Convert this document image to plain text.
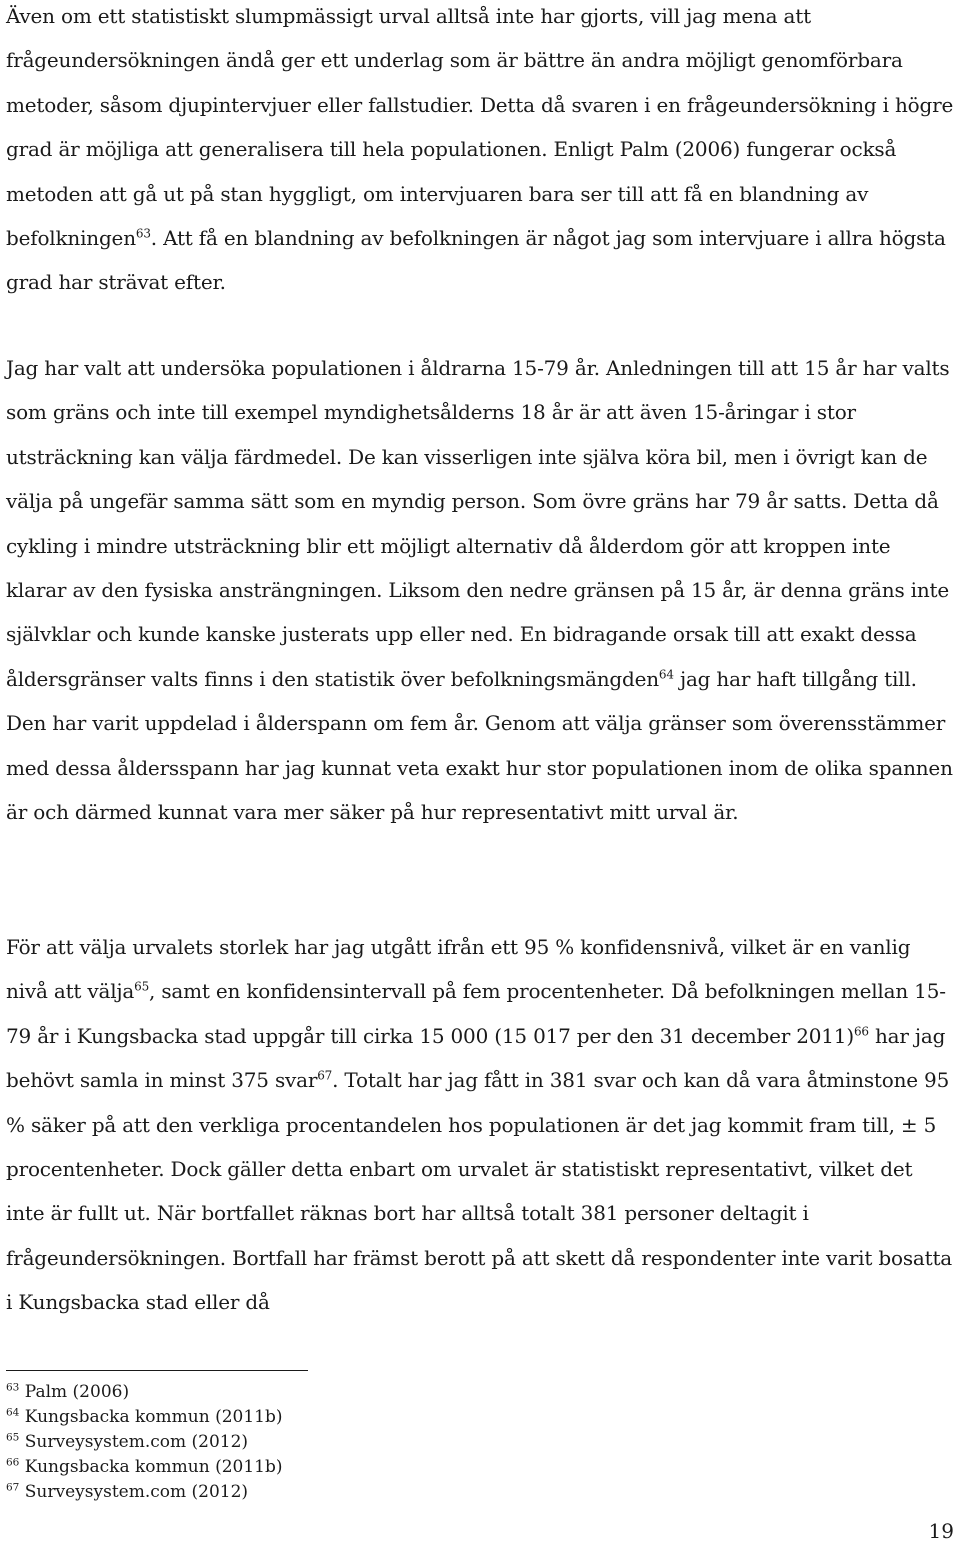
Även om ett statistiskt slumpmässigt urval alltså inte har gjorts, vill jag mena att frågeundersökningen ändå ger ett underlag som är bättre än andra möjligt genomförbara metoder, såsom djupintervjuer eller fallstudier. Detta då svaren i en frågeundersökning i högre grad är möjliga att generalisera till hela populationen. Enligt Palm (2006) fungerar också metoden att gå ut på stan hyggligt, om intervjuaren bara ser till att få en blandning av befolkningen$^{63}$. Att få en blandning av befolkningen är något jag som intervjuare i allra högsta grad har strävat efter.

Jag har valt att undersöka populationen i åldrarna 15-79 år. Anledningen till att 15 år har valts som gräns och inte till exempel myndighetsålderns 18 år är att även 15-åringar i stor utsträckning kan välja färdmedel. De kan visserligen inte själva köra bil, men i övrigt kan de välja på ungefär samma sätt som en myndig person. Som övre gräns har 79 år satts. Detta då cykling i mindre utsträckning blir ett möjligt alternativ då ålderdom gör att kroppen inte klarar av den fysiska ansträngningen. Liksom den nedre gränsen på 15 år, är denna gräns inte självklar och kunde kanske justerats upp eller ned. En bidragande orsak till att exakt dessa åldersgränser valts finns i den statistik över befolkningsmängden$^{64}$ jag har haft tillgång till. Den har varit uppdelad i ålderspann om fem år. Genom att välja gränser som överensstämmer med dessa åldersspann har jag kunnat veta exakt hur stor populationen inom de olika spannen är och därmed kunnat vara mer säker på hur representativt mitt urval är.

För att välja urvalets storlek har jag utgått ifrån ett 95 % konfidensnivå, vilket är en vanlig nivå att välja$^{65}$, samt en konfidensintervall på fem procentenheter. Då befolkningen mellan 15-79 år i Kungsbacka stad uppgår till cirka 15 000 (15 017 per den 31 december 2011)$^{66}$ har jag behövt samla in minst 375 svar$^{67}$. Totalt har jag fått in 381 svar och kan då vara åtminstone 95 % säker på att den verkliga procentandelen hos populationen är det jag kommit fram till, ± 5 procentenheter. Dock gäller detta enbart om urvalet är statistiskt representativt, vilket det inte är fullt ut. När bortfallet räknas bort har alltså totalt 381 personer deltagit i frågeundersökningen. Bortfall har främst berott på att skett då respondenter inte varit bosatta i Kungsbacka stad eller då

$^{63}$ Palm (2006)
$^{64}$ Kungsbacka kommun (2011b)
$^{65}$ Surveysystem.com (2012)
$^{66}$ Kungsbacka kommun (2011b)
$^{67}$ Surveysystem.com (2012)
19
